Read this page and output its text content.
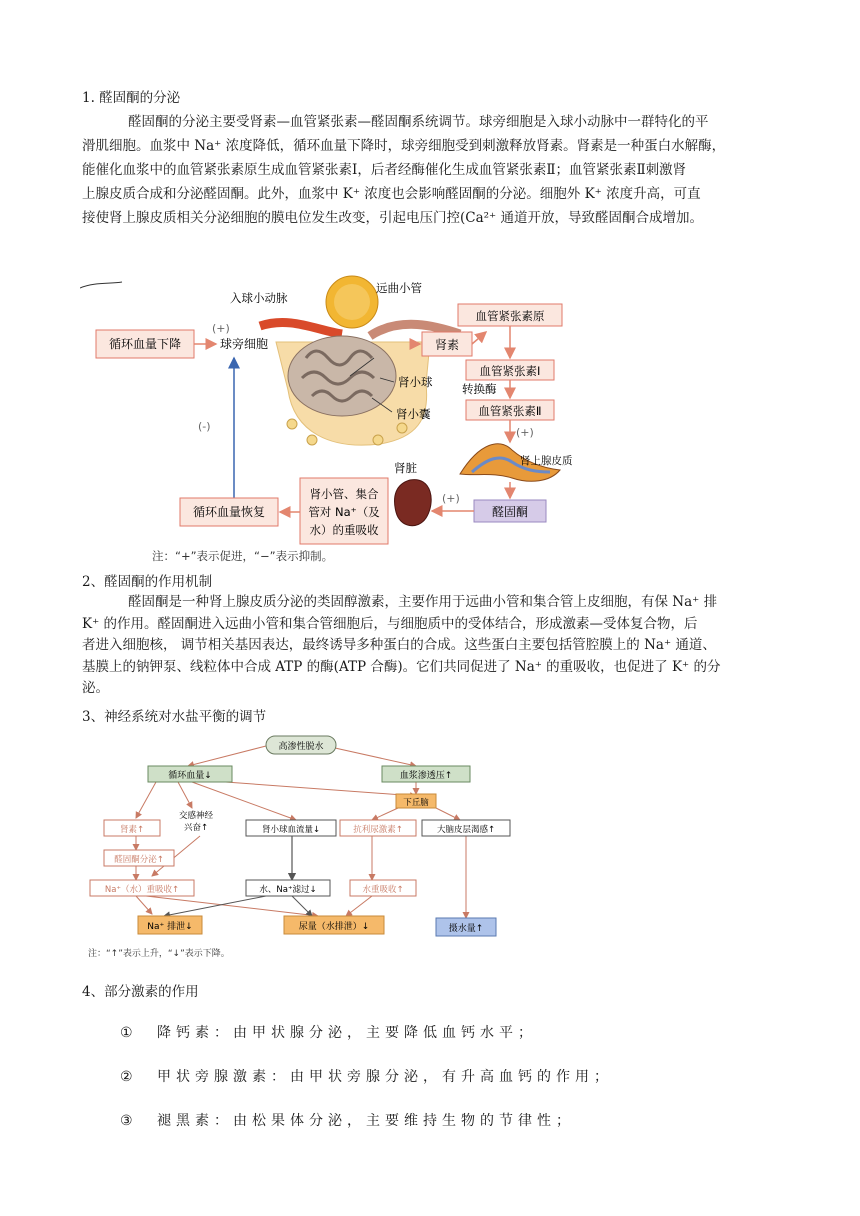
1. 醛固酮的分泌
醛固酮的分泌主要受肾素—血管紧张素—醛固酮系统调节。球旁细胞是入球小动脉中一群特化的平
滑肌细胞。血浆中 Na⁺ 浓度降低，循环血量下降时，球旁细胞受到刺激释放肾素。肾素是一种蛋白水解酶，
能催化血浆中的血管紧张素原生成血管紧张素Ⅰ，后者经酶催化生成血管紧张素Ⅱ；血管紧张素Ⅱ刺激肾
上腺皮质合成和分泌醛固酮。此外，血浆中 K⁺ 浓度也会影响醛固酮的分泌。细胞外 K⁺ 浓度升高，可直
接使肾上腺皮质相关分泌细胞的膜电位发生改变，引起电压门控(Ca²⁺ 通道开放，导致醛固酮合成增加。
入球小动脉
远曲小管
肾小球
肾小囊
循环血量下降
(+)
球旁细胞
(-)
肾素
血管紧张素原
血管紧张素Ⅰ
转换酶
血管紧张素Ⅱ
(+)
肾上腺皮质
醛固酮
(+)
肾脏
肾小管、集合
管对 Na⁺（及
水）的重吸收
循环血量恢复
注：“+”表示促进，“−”表示抑制。
2、醛固酮的作用机制
醛固酮是一种肾上腺皮质分泌的类固醇激素，主要作用于远曲小管和集合管上皮细胞，有保 Na⁺ 排
K⁺ 的作用。醛固酮进入远曲小管和集合管细胞后，与细胞质中的受体结合，形成激素—受体复合物，后
者进入细胞核， 调节相关基因表达，最终诱导多种蛋白的合成。这些蛋白主要包括管腔膜上的 Na⁺ 通道、
基膜上的钠钾泵、线粒体中合成 ATP 的酶(ATP 合酶)。它们共同促进了 Na⁺ 的重吸收，也促进了 K⁺ 的分
泌。
3、神经系统对水盐平衡的调节
高渗性脱水
循环血量↓	血浆渗透压↑
下丘脑
交感神经
兴奋↑
肾素↑	肾小球血流量↓	抗利尿激素↑	大脑皮层渴感↑
醛固酮分泌↑
Na⁺（水）重吸收↑	水、Na⁺滤过↓	水重吸收↑
Na⁺ 排泄↓	尿量（水排泄）↓	摄水量↑
注：“↑”表示上升，“↓”表示下降。
4、部分激素的作用
① 降钙素：由甲状腺分泌，主要降低血钙水平；
② 甲状旁腺激素：由甲状旁腺分泌，有升高血钙的作用；
③ 褪黑素：由松果体分泌，主要维持生物的节律性；
